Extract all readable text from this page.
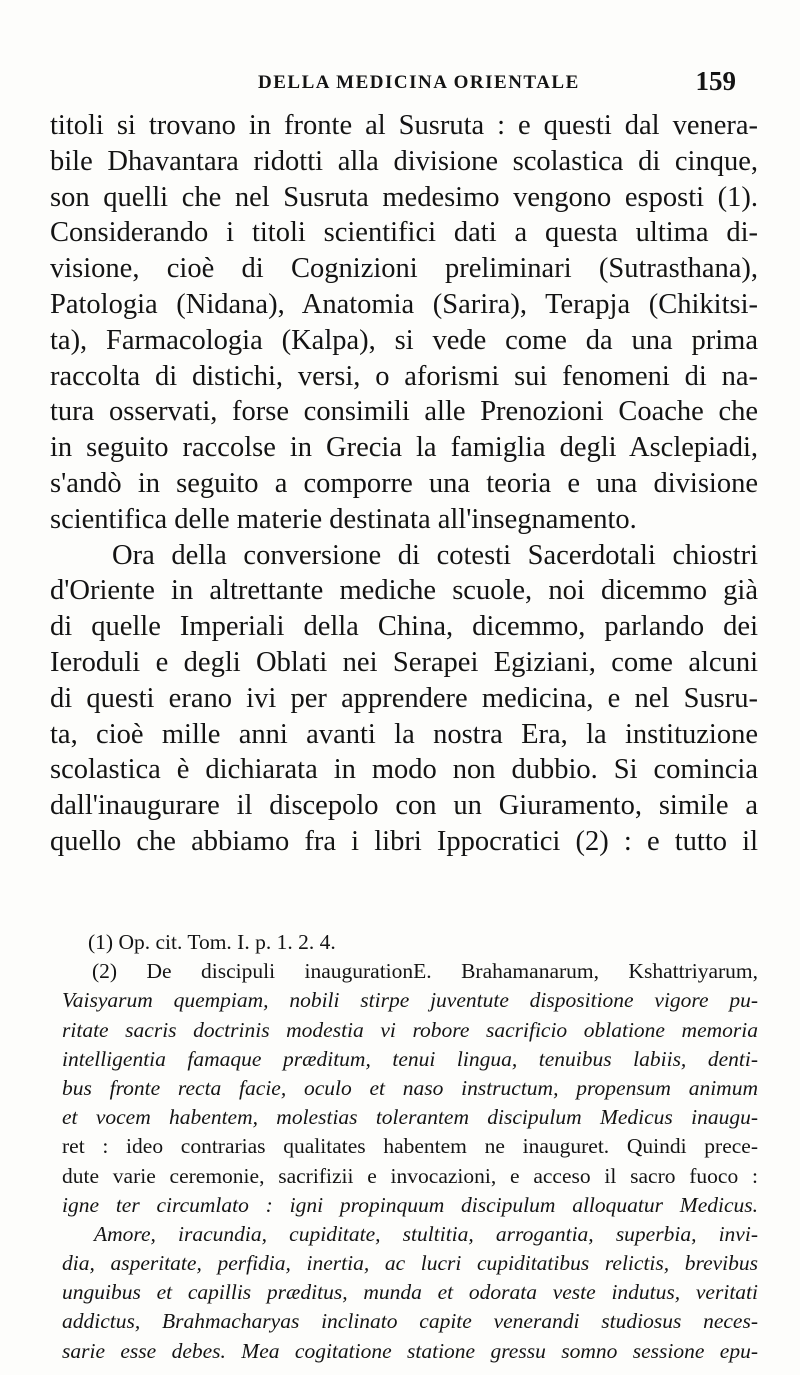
DELLA MEDICINA ORIENTALE	159
titoli si trovano in fronte al Susruta : e questi dal venera-
bile Dhavantara ridotti alla divisione scolastica di cinque,
son quelli che nel Susruta medesimo vengono esposti (1).
Considerando i titoli scientifici dati a questa ultima di-
visione, cioè di Cognizioni preliminari (Sutrasthana),
Patologia (Nidana), Anatomia (Sarira), Terapja (Chikitsi-
ta), Farmacologia (Kalpa), si vede come da una prima
raccolta di distichi, versi, o aforismi sui fenomeni di na-
tura osservati, forse consimili alle Prenozioni Coache che
in seguito raccolse in Grecia la famiglia degli Asclepiadi,
s'andò in seguito a comporre una teoria e una divisione
scientifica delle materie destinata all'insegnamento.
Ora della conversione di cotesti Sacerdotali chiostri
d'Oriente in altrettante mediche scuole, noi dicemmo già
di quelle Imperiali della China, dicemmo, parlando dei
Ieroduli e degli Oblati nei Serapei Egiziani, come alcuni
di questi erano ivi per apprendere medicina, e nel Susru-
ta, cioè mille anni avanti la nostra Era, la instituzione
scolastica è dichiarata in modo non dubbio. Si comincia
dall'inaugurare il discepolo con un Giuramento, simile a
quello che abbiamo fra i libri Ippocratici (2) : e tutto il
(1) Op. cit. Tom. I. p. 1. 2. 4.
(2) De discipuli inaugurationE. Brahamanarum, Kshattriyarum,
Vaisyarum quempiam, nobili stirpe juventute dispositione vigore pu-
ritate sacris doctrinis modestia vi robore sacrificio oblatione memoria
intelligentia famaque præditum, tenui lingua, tenuibus labiis, denti-
bus fronte recta facie, oculo et naso instructum, propensum animum
et vocem habentem, molestias tolerantem discipulum Medicus inaugu-
ret : ideo contrarias qualitates habentem ne inauguret. Quindi prece-
dute varie ceremonie, sacrifizii e invocazioni, e acceso il sacro fuoco :
igne ter circumlato : igni propinquum discipulum alloquatur Medicus.
Amore, iracundia, cupiditate, stultitia, arrogantia, superbia, invi-
dia, asperitate, perfidia, inertia, ac lucri cupiditatibus relictis, brevibus
unguibus et capillis præditus, munda et odorata veste indutus, veritati
addictus, Brahmacharyas inclinato capite venerandi studiosus neces-
sarie esse debes. Mea cogitatione statione gressu somno sessione epu-
